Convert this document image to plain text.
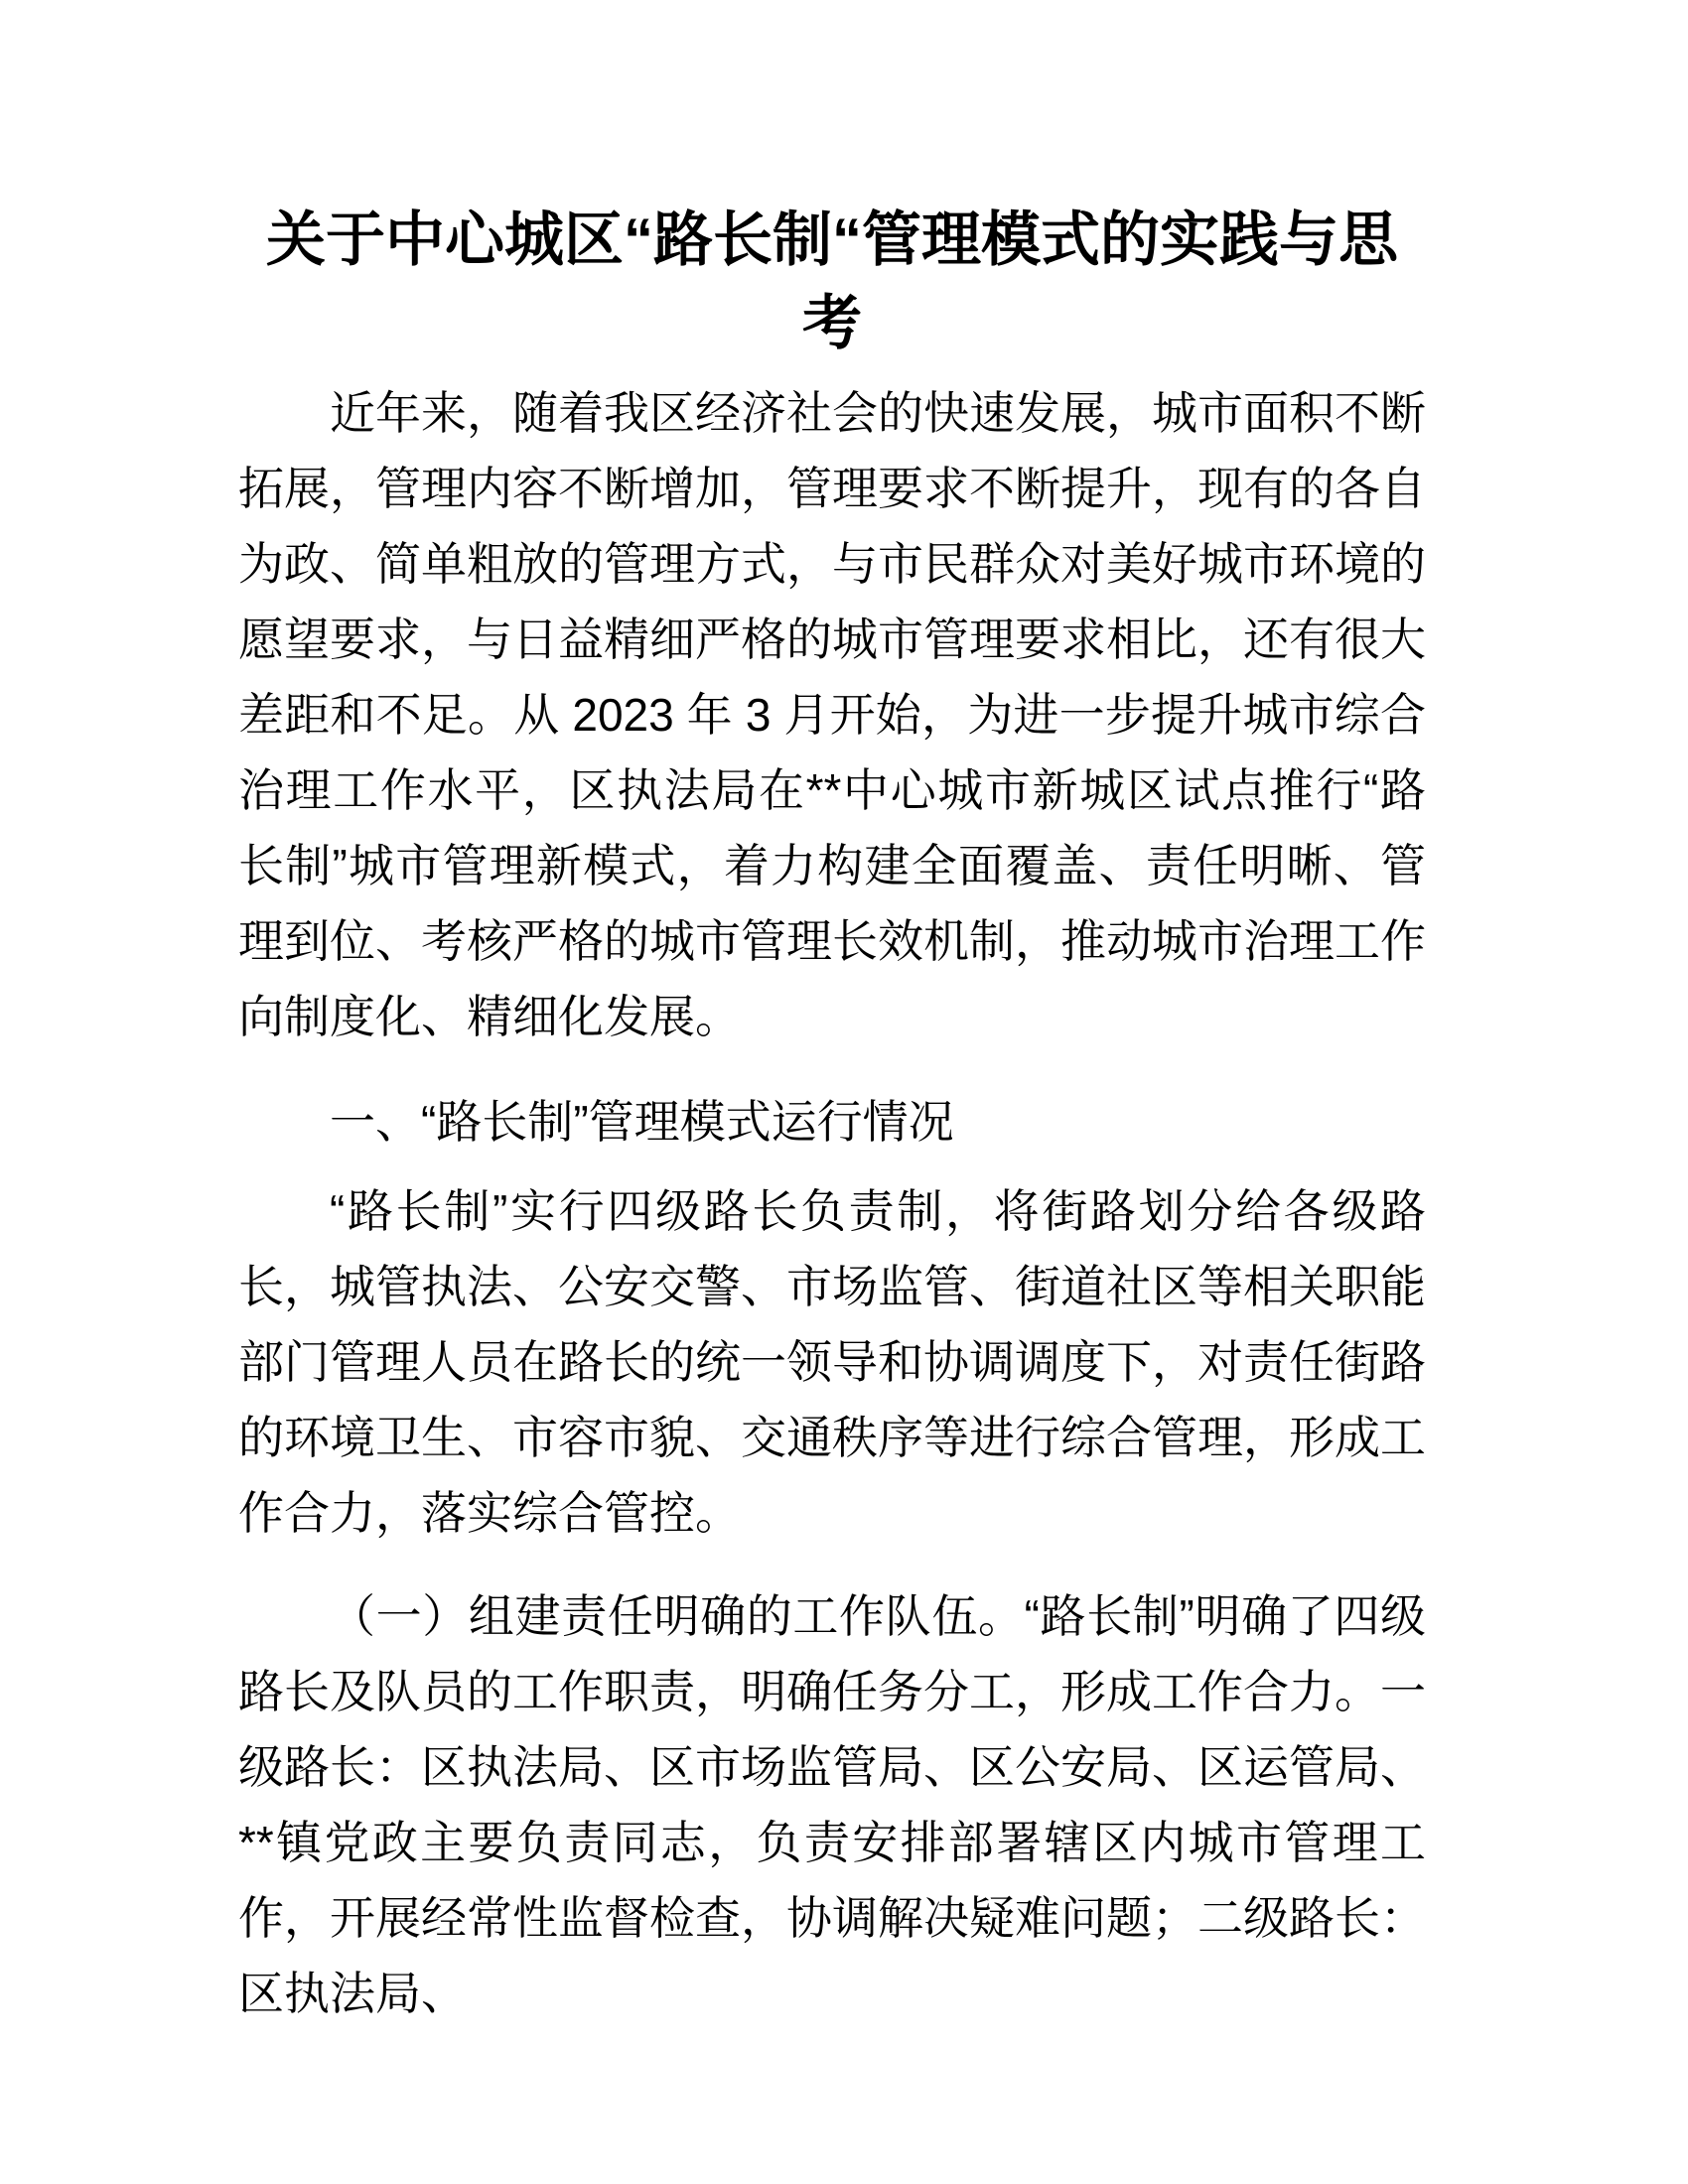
关于中心城区“路长制“管理模式的实践与思考

近年来，随着我区经济社会的快速发展，城市面积不断拓展，管理内容不断增加，管理要求不断提升，现有的各自为政、简单粗放的管理方式，与市民群众对美好城市环境的愿望要求，与日益精细严格的城市管理要求相比，还有很大差距和不足。从 2023 年 3 月开始，为进一步提升城市综合治理工作水平，区执法局在**中心城市新城区试点推行“路长制”城市管理新模式，着力构建全面覆盖、责任明晰、管理到位、考核严格的城市管理长效机制，推动城市治理工作向制度化、精细化发展。

一、“路长制”管理模式运行情况

“路长制”实行四级路长负责制，将街路划分给各级路长，城管执法、公安交警、市场监管、街道社区等相关职能部门管理人员在路长的统一领导和协调调度下，对责任街路的环境卫生、市容市貌、交通秩序等进行综合管理，形成工作合力，落实综合管控。

（一）组建责任明确的工作队伍。“路长制”明确了四级路长及队员的工作职责，明确任务分工，形成工作合力。一级路长：区执法局、区市场监管局、区公安局、区运管局、**镇党政主要负责同志，负责安排部署辖区内城市管理工作，开展经常性监督检查，协调解决疑难问题；二级路长：区执法局、
